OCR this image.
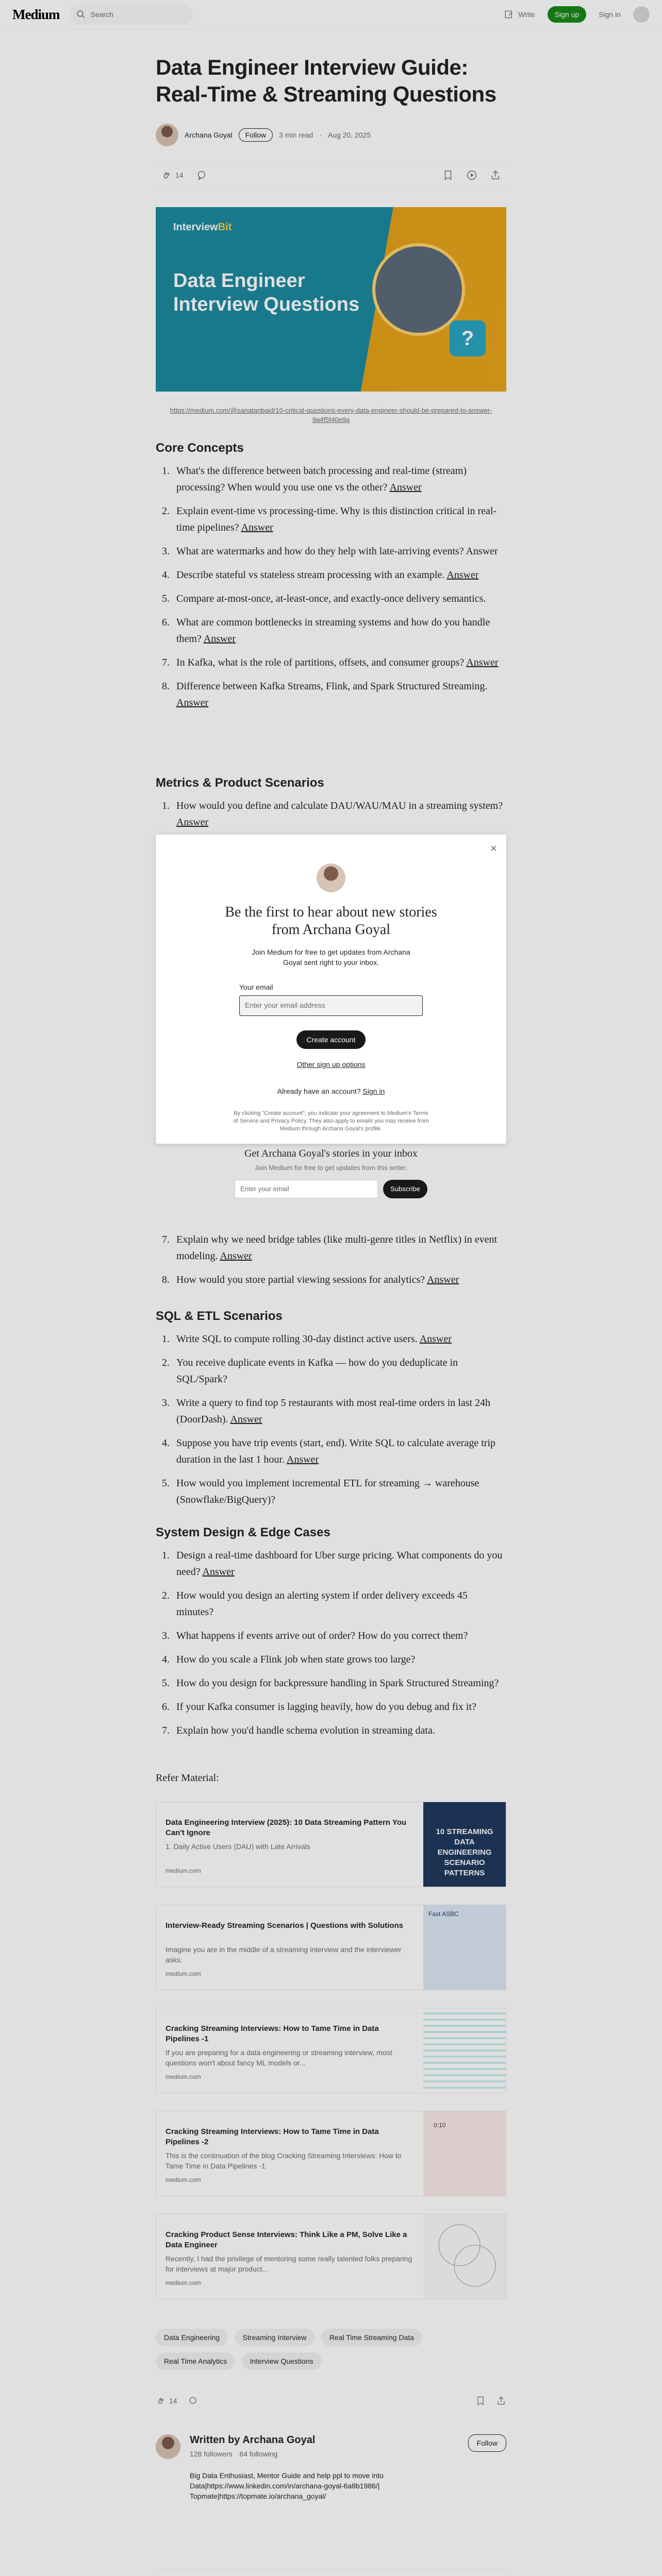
Medium	Search	Write	Sign up	Sign in
Data Engineer Interview Guide: Real-Time & Streaming Questions
Archana Goyal	Follow	3 min read · Aug 20, 2025
14
InterviewBit
Data Engineer
Interview Questions
?
https://medium.com/@sanatanbaid/10-critical-questions-every-data-engineer-should-be-prepared-to-answer-9a4f5f40e9a
Core Concepts
1. What's the difference between batch processing and real-time (stream) processing? When would you use one vs the other? Answer
2. Explain event-time vs processing-time. Why is this distinction critical in real-time pipelines? Answer
3. What are watermarks and how do they help with late-arriving events? Answer
4. Describe stateful vs stateless stream processing with an example. Answer
5. Compare at-most-once, at-least-once, and exactly-once delivery semantics.
6. What are common bottlenecks in streaming systems and how do you handle them? Answer
7. In Kafka, what is the role of partitions, offsets, and consumer groups? Answer
8. Difference between Kafka Streams, Flink, and Spark Structured Streaming. Answer
Metrics & Product Scenarios
1. How would you define and calculate DAU/WAU/MAU in a streaming system? Answer
7. Explain why we need bridge tables (like multi-genre titles in Netflix) in event modeling. Answer
8. How would you store partial viewing sessions for analytics? Answer
SQL & ETL Scenarios
1. Write SQL to compute rolling 30-day distinct active users. Answer
2. You receive duplicate events in Kafka — how do you deduplicate in SQL/Spark?
3. Write a query to find top 5 restaurants with most real-time orders in last 24h (DoorDash). Answer
4. Suppose you have trip events (start, end). Write SQL to calculate average trip duration in the last 1 hour. Answer
5. How would you implement incremental ETL for streaming → warehouse (Snowflake/BigQuery)?
System Design & Edge Cases
1. Design a real-time dashboard for Uber surge pricing. What components do you need? Answer
2. How would you design an alerting system if order delivery exceeds 45 minutes?
3. What happens if events arrive out of order? How do you correct them?
4. How do you scale a Flink job when state grows too large?
5. How do you design for backpressure handling in Spark Structured Streaming?
6. If your Kafka consumer is lagging heavily, how do you debug and fix it?
7. Explain how you'd handle schema evolution in streaming data.
Refer Material:
Data Engineering Interview (2025): 10 Data Streaming Pattern You Can't Ignore
1. Daily Active Users (DAU) with Late Arrivals
medium.com
10 STREAMING DATA ENGINEERING SCENARIO PATTERNS
Interview-Ready Streaming Scenarios | Questions with Solutions
Imagine you are in the middle of a streaming interview and the interviewer asks:
medium.com
Fast ASBC
Cracking Streaming Interviews: How to Tame Time in Data Pipelines -1
If you are preparing for a data engineering or streaming interview, most questions won't about fancy ML models or...
medium.com
Cracking Streaming Interviews: How to Tame Time in Data Pipelines -2
This is the continuation of the blog Cracking Streaming Interviews: How to Tame Time in Data Pipelines -1
medium.com
0:10
Cracking Product Sense Interviews: Think Like a PM, Solve Like a Data Engineer
Recently, I had the privilege of mentoring some really talented folks preparing for interviews at major product...
medium.com
Data Engineering	Streaming Interview	Real Time Streaming Data Real Time Analytics	Interview Questions
14
Written by Archana Goyal
128 followers 64 following
Big Data Enthusiast, Mentor Guide and help ppl to move into
Data|https://www.linkedin.com/in/archana-goyal-6a8b1986/|
Topmate|https://topmate.io/archana_goyal/
Follow

×
Be the first to hear about new stories from Archana Goyal
Join Medium for free to get updates from Archana Goyal sent right to your inbox.
Your email
Enter your email address
Create account
Other sign up options
Already have an account? Sign in
By clicking "Create account", you indicate your agreement to Medium's Terms of Service and Privacy Policy. They also apply to emails you may receive from Medium through Archana Goyal's profile.
Get Archana Goyal's stories in your inbox
Join Medium for free to get updates from this writer.
Enter your email	Subscribe
